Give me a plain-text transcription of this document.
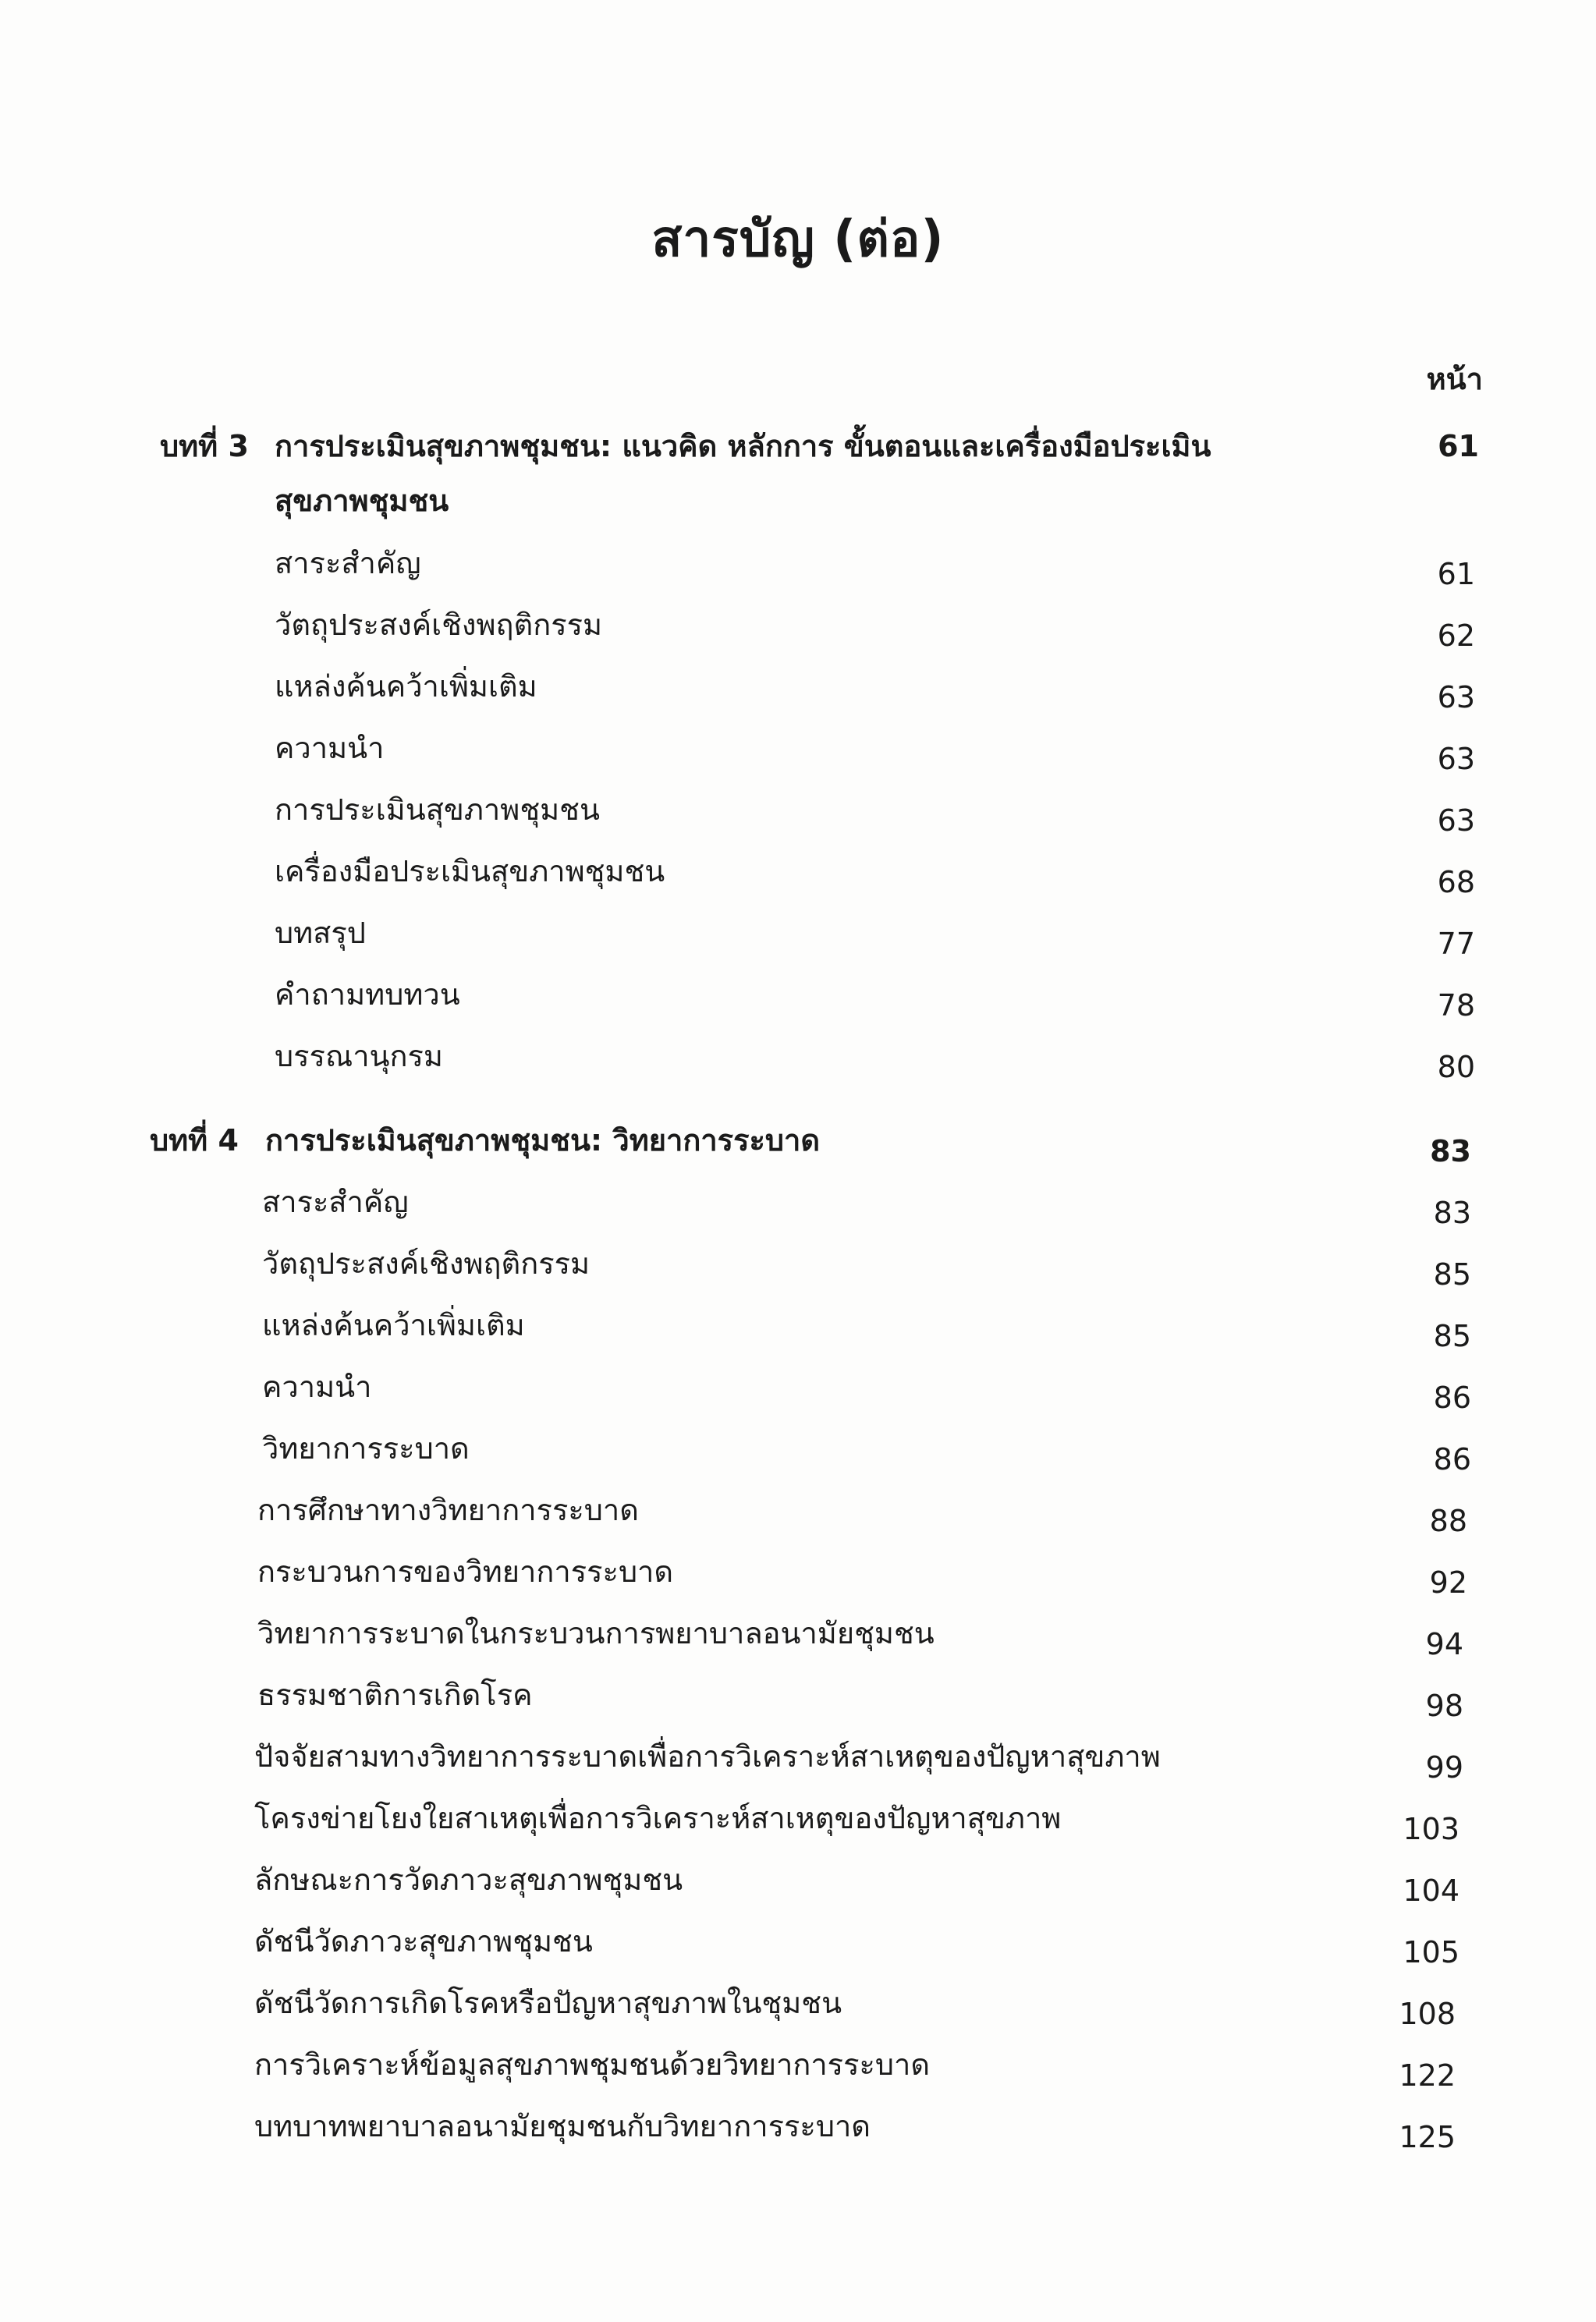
สารบัญ (ต่อ)
หน้า
บทที่ 3 การประเมินสุขภาพชุมชน: แนวคิด หลักการ ขั้นตอนและเครื่องมือประเมิน	61
สุขภาพชุมชน
สาระสำคัญ	61
วัตถุประสงค์เชิงพฤติกรรม	62
แหล่งค้นคว้าเพิ่มเติม	63
ความนำ	63
การประเมินสุขภาพชุมชน	63
เครื่องมือประเมินสุขภาพชุมชน	68
บทสรุป	77
คำถามทบทวน	78
บรรณานุกรม	80
บทที่ 4 การประเมินสุขภาพชุมชน: วิทยาการระบาด	83
สาระสำคัญ	83
วัตถุประสงค์เชิงพฤติกรรม	85
แหล่งค้นคว้าเพิ่มเติม	85
ความนำ	86
วิทยาการระบาด	86
การศึกษาทางวิทยาการระบาด	88
กระบวนการของวิทยาการระบาด	92
วิทยาการระบาดในกระบวนการพยาบาลอนามัยชุมชน	94
ธรรมชาติการเกิดโรค	98
ปัจจัยสามทางวิทยาการระบาดเพื่อการวิเคราะห์สาเหตุของปัญหาสุขภาพ	99
โครงข่ายโยงใยสาเหตุเพื่อการวิเคราะห์สาเหตุของปัญหาสุขภาพ	103
ลักษณะการวัดภาวะสุขภาพชุมชน	104
ดัชนีวัดภาวะสุขภาพชุมชน	105
ดัชนีวัดการเกิดโรคหรือปัญหาสุขภาพในชุมชน	108
การวิเคราะห์ข้อมูลสุขภาพชุมชนด้วยวิทยาการระบาด	122
บทบาทพยาบาลอนามัยชุมชนกับวิทยาการระบาด	125
